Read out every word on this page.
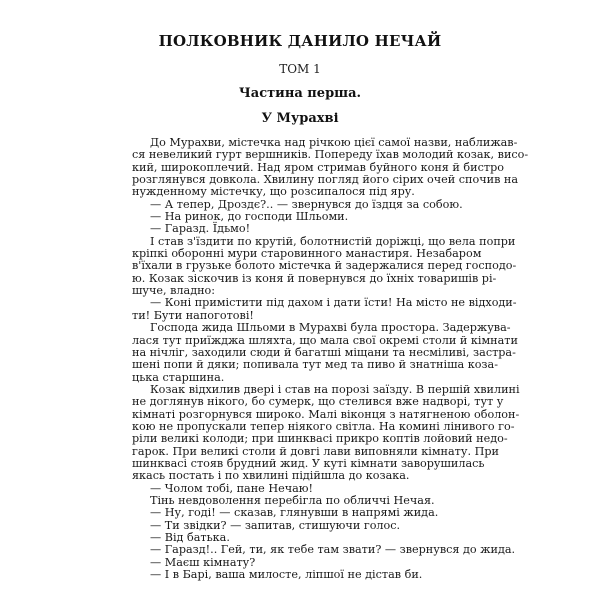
ПОЛКОВНИК ДАНИЛО НЕЧАЙ
ТОМ 1
Частина перша.
У Мурахві
До Мурахви, містечка над річкою цієї самої назви, наближав-
ся невеликий гурт вершників. Попереду їхав молодий козак, висо-
кий, широкоплечий. Над яром стримав буйного коня й бистро
розглянувся довкола. Хвилину погляд його сірих очей спочив на
нужденному містечку, що розсипалося під яру.
— А тепер, Дроздє?.. — звернувся до їздця за собою.
— На ринок, до господи Шльоми.
— Гаразд. Їдьмо!
І став з'їздити по крутій, болотнистій доріжці, що вела попри
кріпкі оборонні мури старовинного манастиря. Незабаром
в'їхали в грузьке болото містечка й задержалися перед господо-
ю. Козак зіскочив із коня й повернувся до їхніх товаришів рі-
шуче, владно:
— Коні примістити під дахом і дати їсти! На місто не відходи-
ти! Бути напоготові!
Господа жида Шльоми в Мурахві була простора. Задержува-
лася тут приїжджа шляхта, що мала свої окремі столи й кімнати
на нічліг, заходили сюди й багатші міщани та несміливі, застра-
шені попи й дяки; попивала тут мед та пиво й знатніша коза-
цька старшина.
Козак відхилив двері і став на порозі заїзду. В першій хвилині
не доглянув нікого, бо сумерк, що стелився вже надворі, тут у
кімнаті розгорнувся широко. Малі віконця з натягненою оболон-
кою не пропускали тепер ніякого світла. На комині лінивого го-
ріли великі колоди; при шинквасі прикро коптів лойовий недо-
гарок. При великі столи й довгі лави виповняли кімнату. При
шинквасі стояв брудний жид. У куті кімнати заворушилась
якась постать і по хвилині підійшла до козака.
— Чолом тобі, пане Нечаю!
Тінь невдоволення перебігла по обличчі Нечая.
— Ну, годі! — сказав, глянувши в напрямі жида.
— Ти звідки? — запитав, стишуючи голос.
— Від батька.
— Гаразд!.. Гей, ти, як тебе там звати? — звернувся до жида.
— Маєш кімнату?
— І в Барі, ваша милосте, ліпшої не дістав би.
